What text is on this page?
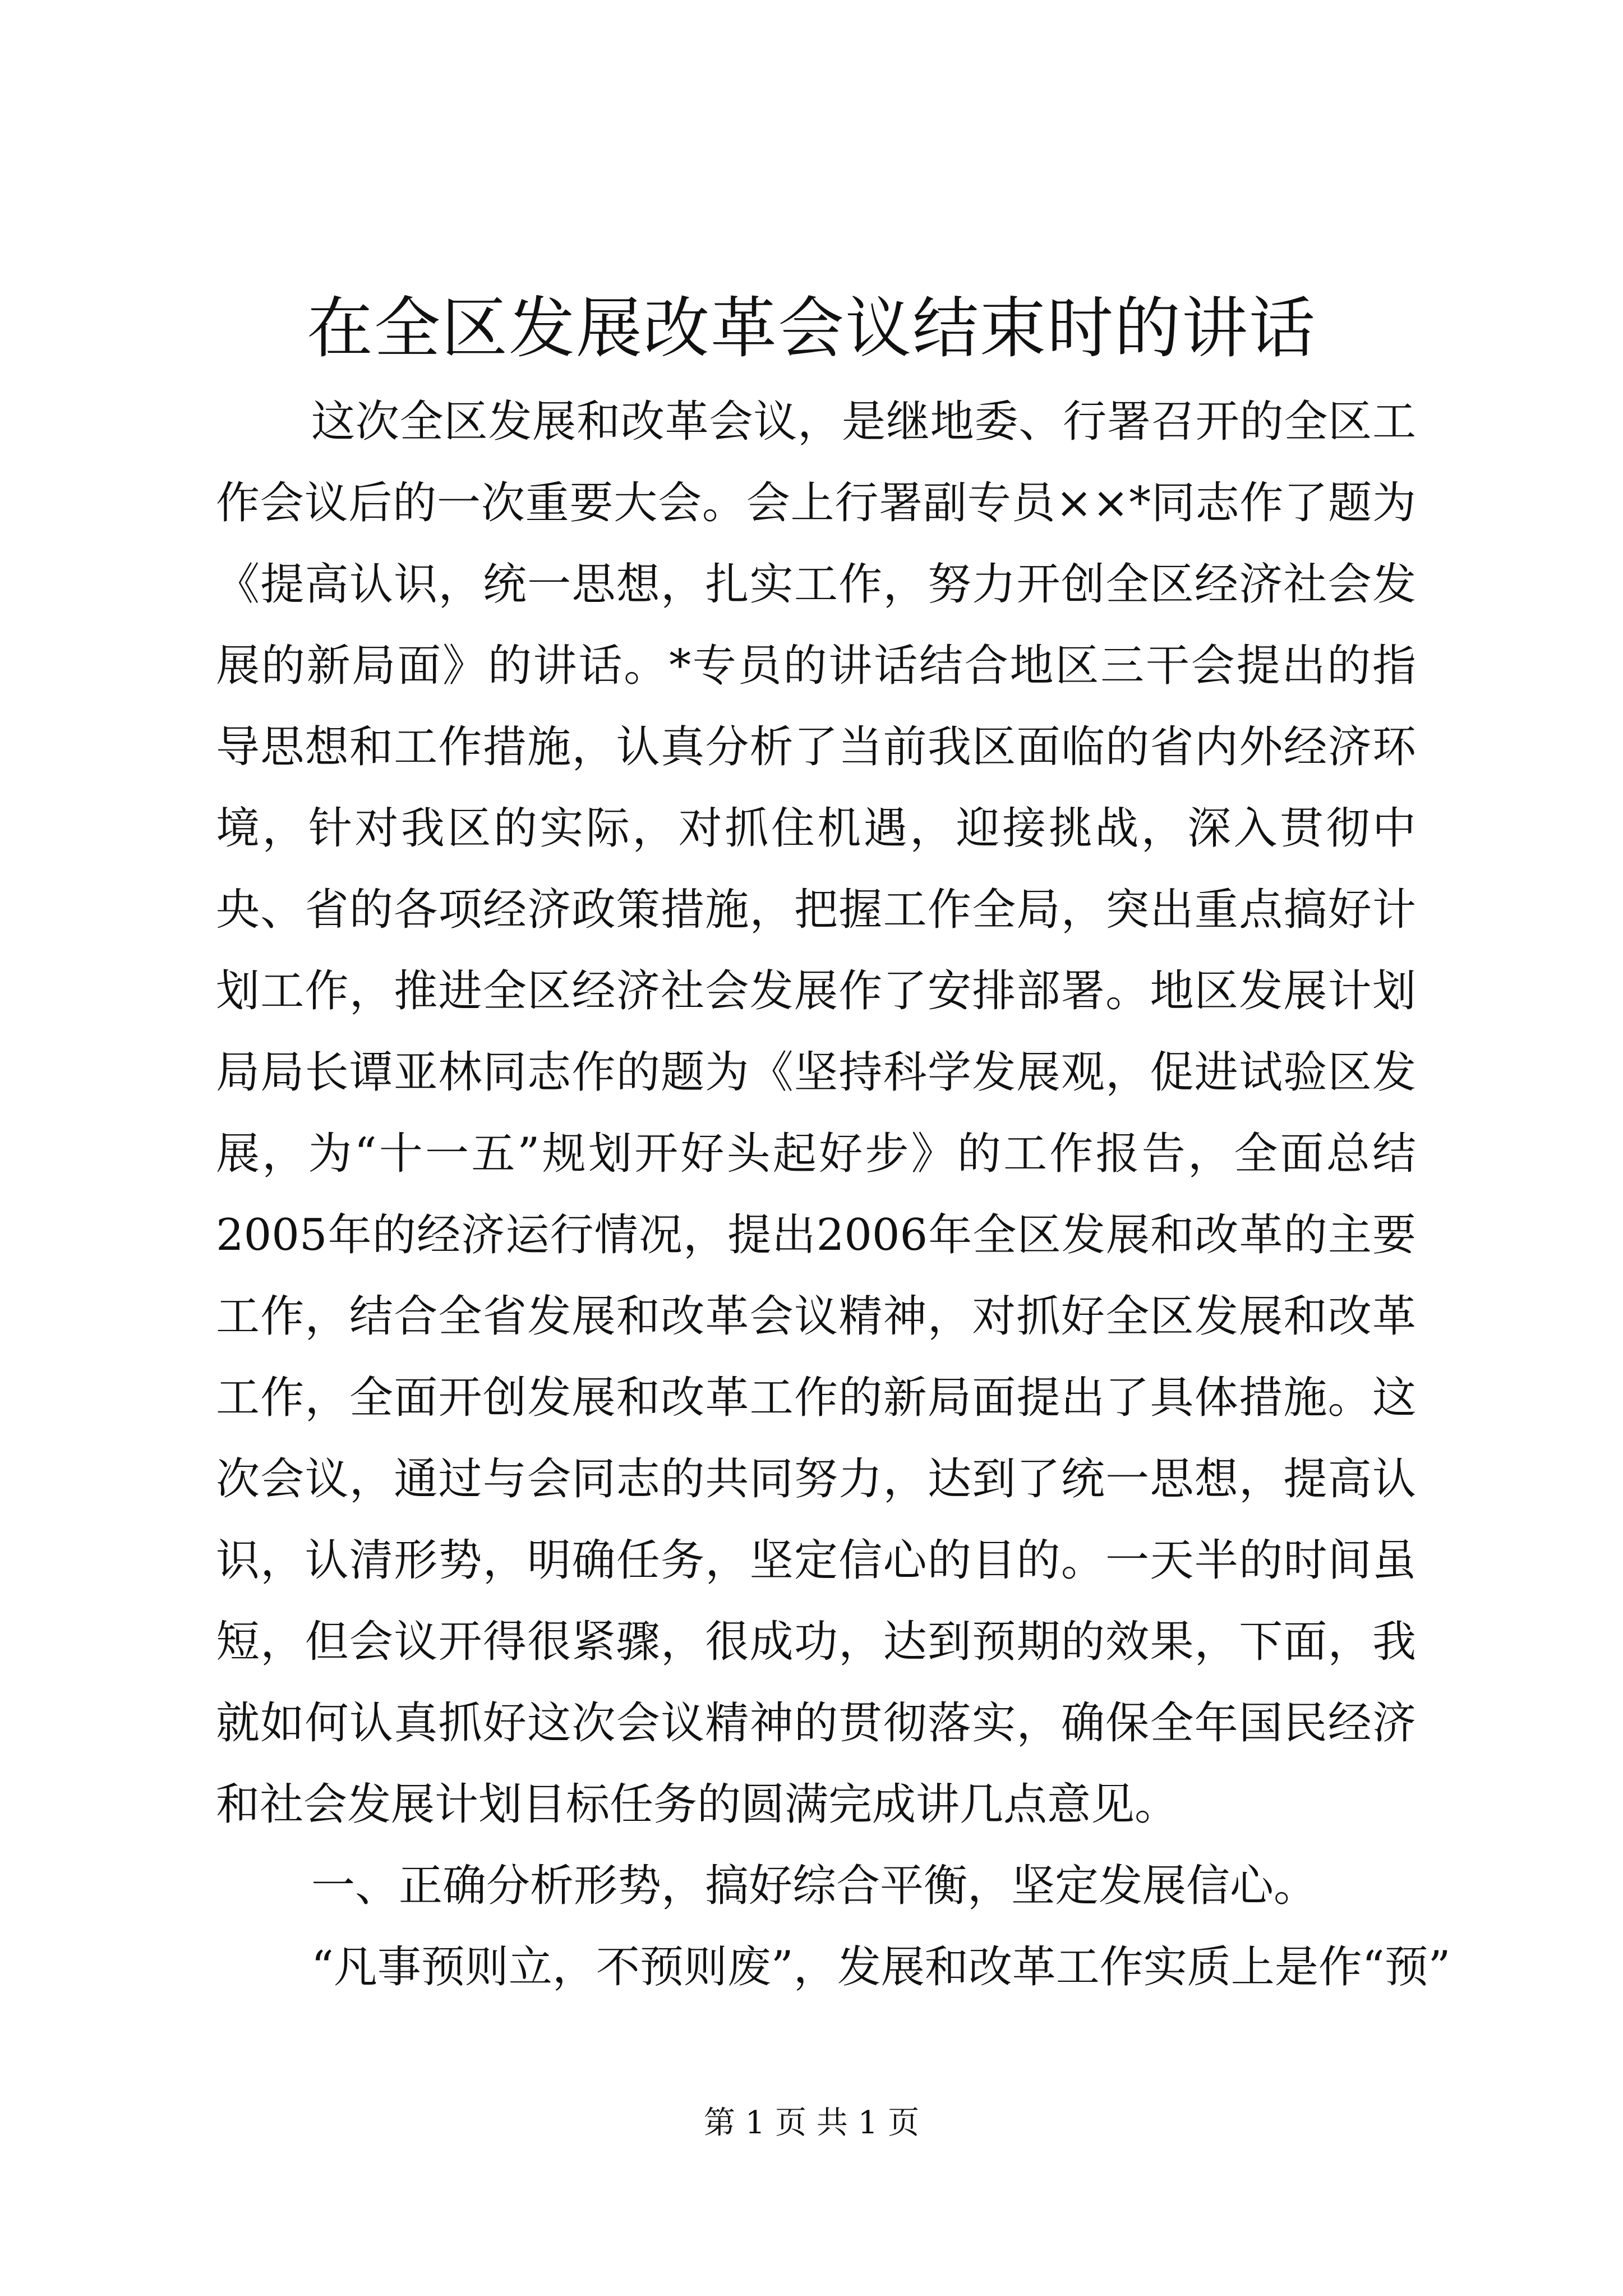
在全区发展改革会议结束时的讲话

这次全区发展和改革会议，是继地委、行署召开的全区工作会议后的一次重要大会。会上行署副专员××*同志作了题为《提高认识，统一思想，扎实工作，努力开创全区经济社会发展的新局面》的讲话。*专员的讲话结合地区三干会提出的指导思想和工作措施，认真分析了当前我区面临的省内外经济环境，针对我区的实际，对抓住机遇，迎接挑战，深入贯彻中央、省的各项经济政策措施，把握工作全局，突出重点搞好计划工作，推进全区经济社会发展作了安排部署。地区发展计划局局长谭亚林同志作的题为《坚持科学发展观，促进试验区发展，为“十一五”规划开好头起好步》的工作报告，全面总结2005年的经济运行情况，提出2006年全区发展和改革的主要工作，结合全省发展和改革会议精神，对抓好全区发展和改革工作，全面开创发展和改革工作的新局面提出了具体措施。这次会议，通过与会同志的共同努力，达到了统一思想，提高认识，认清形势，明确任务，坚定信心的目的。一天半的时间虽短，但会议开得很紧骤，很成功，达到预期的效果，下面，我就如何认真抓好这次会议精神的贯彻落实，确保全年国民经济和社会发展计划目标任务的圆满完成讲几点意见。

一、正确分析形势，搞好综合平衡，坚定发展信心。

“凡事预则立，不预则废”，发展和改革工作实质上是作“预”

第 1 页 共 1 页
